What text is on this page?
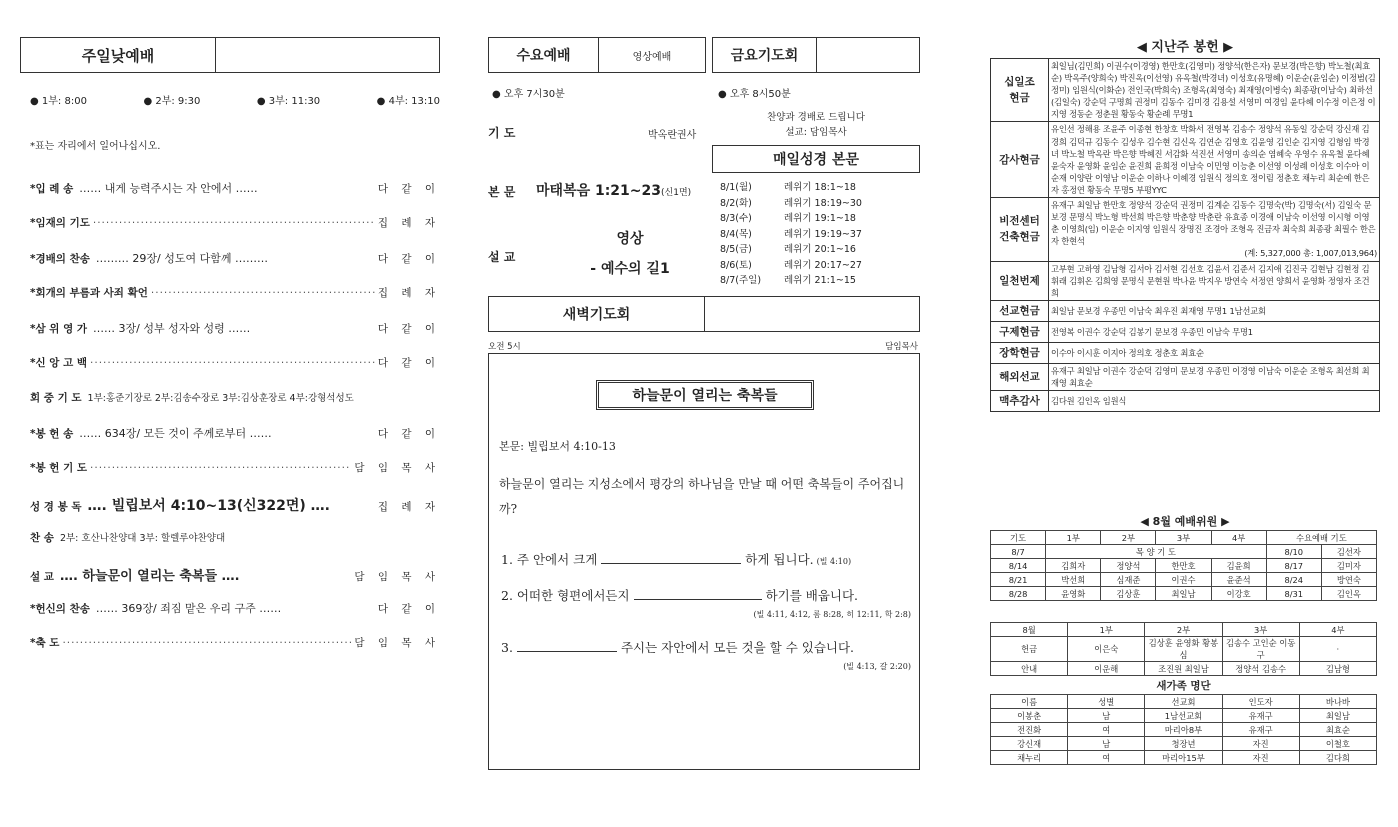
주일낮예배
● 1부: 8:00	● 2부: 9:30	● 3부: 11:30	● 4부: 13:10
*표는 자리에서 일어나십시오.
*입 례 송 …… 내게 능력주시는 자 안에서 ……	다 같 이
*임재의 기도 ·····	집 례 자
*경배의 찬송 ……… 29장/ 성도여 다함께 ………	다 같 이
*회개의 부름과 사죄 확언 ·····	집 례 자
*삼 위 영 가 …… 3장/ 성부 성자와 성령 ……	다 같 이
*신 앙 고 백 ·····	다 같 이
회 중 기 도 1부:홍준기장로 2부:김송수장로 3부:김상훈장로 4부:강형석성도
*봉 헌 송 …… 634장/ 모든 것이 주께로부터 ……	다 같 이
*봉 헌 기 도 ·····	담 임 목 사
성 경 봉 독 …. 빌립보서 4:10~13(신322면) ….	집 례 자
찬 송 2부: 호산나찬양대 3부: 할렐루야찬양대
설 교 …. 하늘문이 열리는 축복들 ….	담 임 목 사
*헌신의 찬송 …… 369장/ 죄짐 맡은 우리 구주 ……	다 같 이
*축 도 ·····	담 임 목 사
수요예배	영상예배	금요기도회
● 오후 7시30분	● 오후 8시50분
찬양과 경배로 드립니다
설교: 담임목사
기 도	박옥란권사
매일성경 본문
본 문 마태복음 1:21~23(신1면)	8/1(월)	레위기 18:1~18
8/2(화)	레위기 18:19~30
8/3(수)	레위기 19:1~18
8/4(목)	레위기 19:19~37
8/5(금)	레위기 20:1~16
8/6(토)	레위기 20:17~27
8/7(주일)	레위기 21:1~15
설 교
영상
- 예수의 길1
새벽기도회
오전 5시	담임목사
하늘문이 열리는 축복들
본문: 빌립보서 4:10-13
하늘문이 열리는 지성소에서 평강의 하나님을 만날 때 어떤 축복들이 주어집니까?
1. 주 안에서 크게	하게 됩니다. (빌 4:10)
2. 어떠한 형편에서든지	하기를 배웁니다.
(빌 4:11, 4:12, 롬 8:28, 히 12:11, 학 2:8)
3.	주시는 자안에서 모든 것을 할 수 있습니다.
(빌 4:13, 갈 2:20)
◀ 지난주 봉헌 ▶
십일조
현금	최일님(김민희) 이권수(이경영) 한만호(김영미) 정양석(한은자) 문보경(박은향) 박노철(최효순) 박옥주(양희숙) 박진옥(이선영) 유옥철(박경녀) 이성호(유명혜) 이운순(윤임순) 이정범(김정미) 임원식(이화순) 전인국(박희숙) 조형옥(최영숙) 최재영(이병숙) 최종광(이남숙) 최하선(김일숙) 강순덕 구명희 권정미 김동수 김미경 김용설 서영미 여경임 윤다혜 이수정 이은정 이지영 정동순 정춘원 황동숙 황순례 무명1
감사현금	유인선 정해용 조윤주 이종현 한창호 박화서 전영복 김송수 정양석 유동일 강순덕 강신재 김경희 김덕규 김동수 김성우 김수현 김신옥 김연순 김영호 김윤영 김인순 김지영 김형임 박경녀 박노철 박옥란 박은향 박혜진 서감화 석진선 서영미 송의순 염혜숙 우영수 유옥철 윤다혜 윤숙자 윤영화 윤임순 윤진희 윤희정 이남숙 이민영 이능춘 이선영 이성례 이성호 이수아 이순재 이양란 이영남 이운순 이하나 이혜경 임원식 정의호 정이림 정춘호 채누리 최순예 한은자 홍정연 황동숙 무명5 부평YYC
비전센터
건축현금	유재구 최일남 한만호 정양석 강순덕 권정미 김계순 김동수 김명숙(박) 김명숙(서) 김일숙 문보경 문명식 박노형 박선희 박은향 박춘향 박춘란 유효종 이경애 이남숙 이선영 이시형 이영춘 이영희(임) 이운순 이지영 임원식 장명진 조경아 조형옥 진금자 최숙희 최종광 최필수 한은자 한현석
(계: 5,327,000 총: 1,007,013,964)

일천번제	고부현 고하영 김남형 김서아 김서현 김선호 김윤서 김준서 김지애 김진국 김현남 김현정 김휘래 김휘온 김희영 문명식 문현원 박나윤 박지우 방연숙 서정연 양희서 윤영화 정영자 조건희
선교현금	최일남 문보경 우종민 이남숙 최우진 최재영 무명1 1남선교회
구제현금	전영복 이권수 강순덕 김봉기 문보경 우종민 이남숙 무명1
장학현금	이수아 이시훈 이지아 정의호 정춘호 최효순
해외선교	유재구 최일남 이권수 강순덕 김영미 문보경 우종민 이경영 이남숙 이운순 조형옥 최선희 최재영 최효순
맥추감사	김다원 김인옥 임원식
◀ 8월 예배위원 ▶
기도	1부	2부	3부	4부	수요예배 기도	
8/7	목 양 기 도				8/10	김선자
8/14	김희자	정양석	한만호	김윤희	8/17	김미자
8/21	박선희	심재준	이권수	윤준석	8/24	방연숙
8/28	윤영화	김상훈	최일남	이강호	8/31	김인옥
8월	1부	2부	3부	4부
헌금	이은숙	김상훈 윤영화 황봉심	김송수 고인순 이동구	·
안내	이운해	조진원 최일남	정양석 김송수	김남형
새가족 명단
이름	성별	선교회	인도자	바나바
이봉춘	남	1남선교회	유재구	최일남
전진화	여	마리아8부	유재구	최효순
강신재	남	청장년	자진	이철호
채누리	여	마리아15부	자진	김다희
